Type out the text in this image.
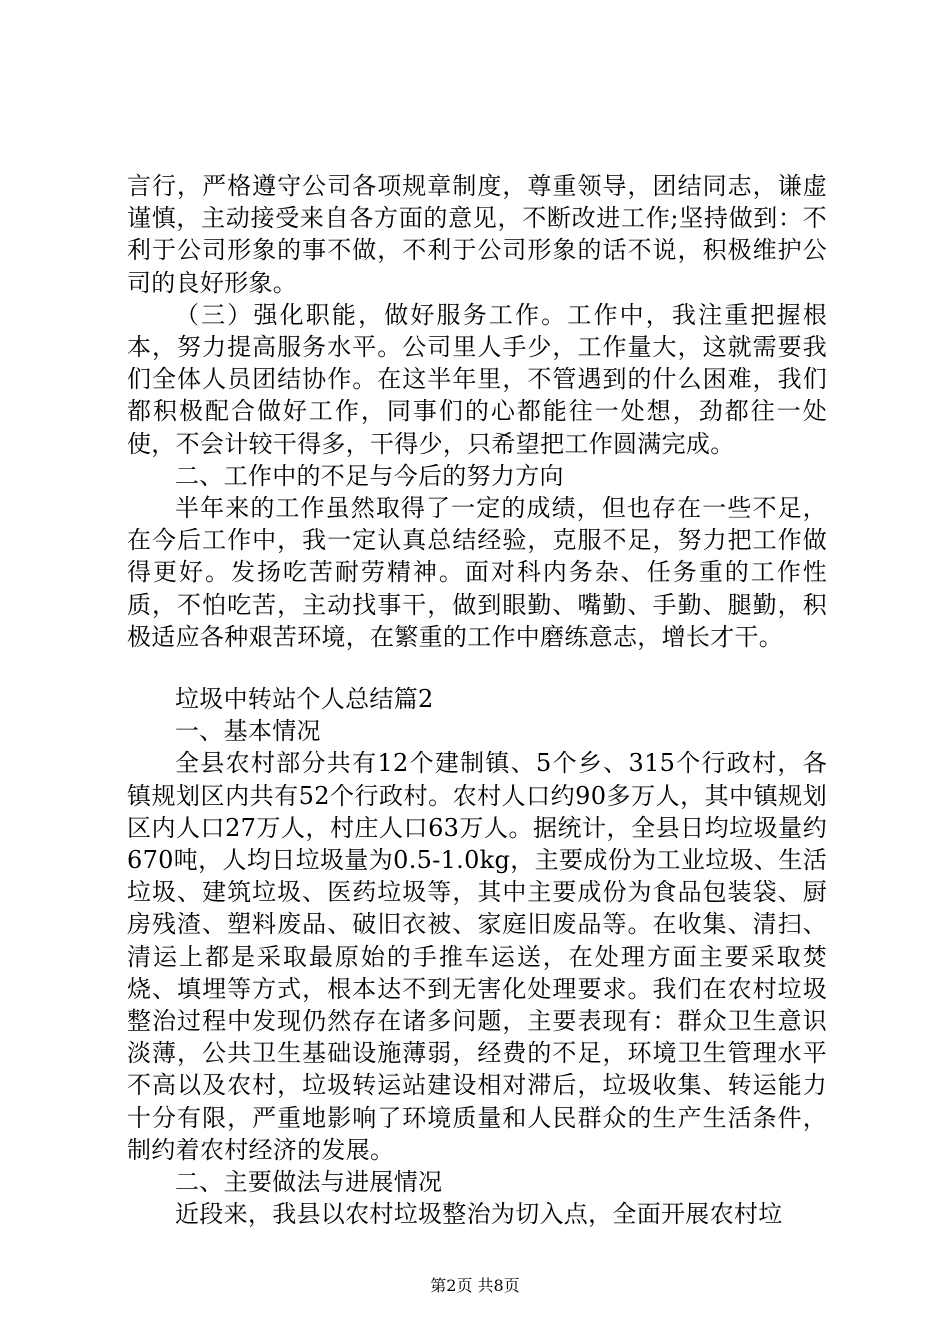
言行，严格遵守公司各项规章制度，尊重领导，团结同志，谦虚谨慎，主动接受来自各方面的意见，不断改进工作;坚持做到：不利于公司形象的事不做，不利于公司形象的话不说，积极维护公司的良好形象。

（三）强化职能，做好服务工作。工作中，我注重把握根本，努力提高服务水平。公司里人手少，工作量大，这就需要我们全体人员团结协作。在这半年里，不管遇到的什么困难，我们都积极配合做好工作，同事们的心都能往一处想，劲都往一处使，不会计较干得多，干得少，只希望把工作圆满完成。

二、工作中的不足与今后的努力方向

半年来的工作虽然取得了一定的成绩，但也存在一些不足，在今后工作中，我一定认真总结经验，克服不足，努力把工作做得更好。发扬吃苦耐劳精神。面对科内务杂、任务重的工作性质，不怕吃苦，主动找事干，做到眼勤、嘴勤、手勤、腿勤，积极适应各种艰苦环境，在繁重的工作中磨练意志，增长才干。

垃圾中转站个人总结篇2

一、基本情况

全县农村部分共有12个建制镇、5个乡、315个行政村，各镇规划区内共有52个行政村。农村人口约90多万人，其中镇规划区内人口27万人，村庄人口63万人。据统计，全县日均垃圾量约670吨，人均日垃圾量为0.5-1.0kg，主要成份为工业垃圾、生活垃圾、建筑垃圾、医药垃圾等，其中主要成份为食品包装袋、厨房残渣、塑料废品、破旧衣被、家庭旧废品等。在收集、清扫、清运上都是采取最原始的手推车运送，在处理方面主要采取焚烧、填埋等方式，根本达不到无害化处理要求。我们在农村垃圾整治过程中发现仍然存在诸多问题，主要表现有：群众卫生意识淡薄，公共卫生基础设施薄弱，经费的不足，环境卫生管理水平不高以及农村，垃圾转运站建设相对滞后，垃圾收集、转运能力十分有限，严重地影响了环境质量和人民群众的生产生活条件，制约着农村经济的发展。

二、主要做法与进展情况

近段来，我县以农村垃圾整治为切入点，全面开展农村垃

第2页 共8页
